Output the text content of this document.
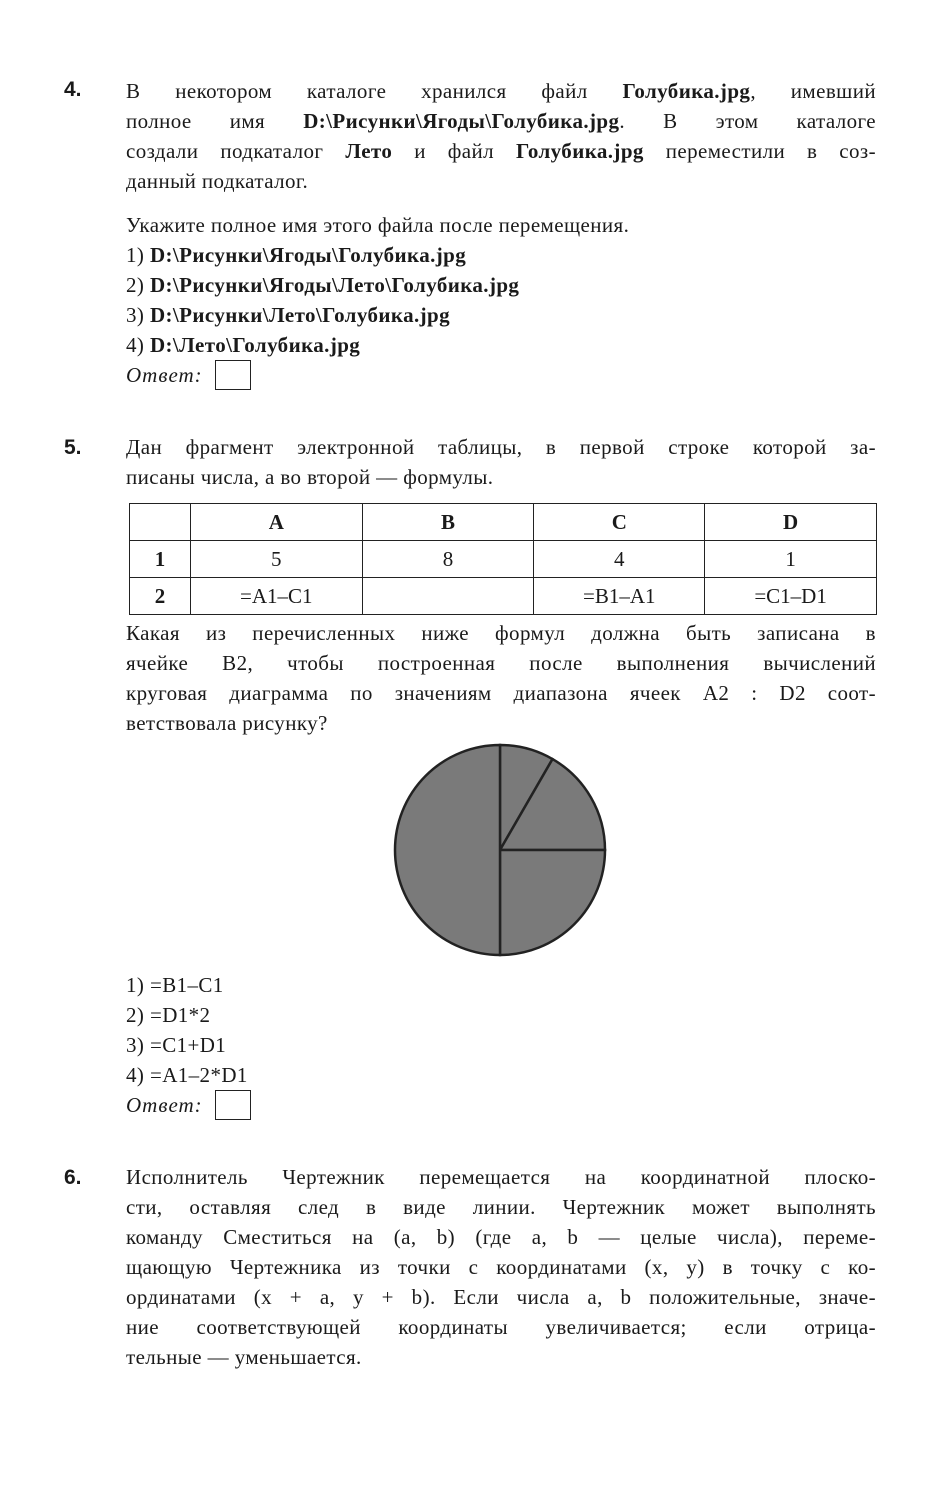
4. В некотором каталоге хранился файл Голубика.jpg, имевший
полное имя D:\Рисунки\Ягоды\Голубика.jpg. В этом каталоге
создали подкаталог Лето и файл Голубика.jpg переместили в соз-
данный подкаталог.
Укажите полное имя этого файла после перемещения.
1) D:\Рисунки\Ягоды\Голубика.jpg
2) D:\Рисунки\Ягоды\Лето\Голубика.jpg
3) D:\Рисунки\Лето\Голубика.jpg
4) D:\Лето\Голубика.jpg
Ответ:
5. Дан фрагмент электронной таблицы, в первой строке которой за-
писаны числа, а во второй — формулы.
	A	B	C	D
1	5	8	4	1
2	=A1–C1		=B1–A1	=C1–D1
Какая из перечисленных ниже формул должна быть записана в
ячейке B2, чтобы построенная после выполнения вычислений
круговая диаграмма по значениям диапазона ячеек A2 : D2 соот-
ветствовала рисунку?
1) =B1–C1
2) =D1*2
3) =C1+D1
4) =A1–2*D1
Ответ:
6. Исполнитель Чертежник перемещается на координатной плоско-
сти, оставляя след в виде линии. Чертежник может выполнять
команду Сместиться на (a, b) (где a, b — целые числа), переме-
щающую Чертежника из точки с координатами (x, y) в точку с ко-
ординатами (x + a, y + b). Если числа a, b положительные, значе-
ние соответствующей координаты увеличивается; если отрица-
тельные — уменьшается.
